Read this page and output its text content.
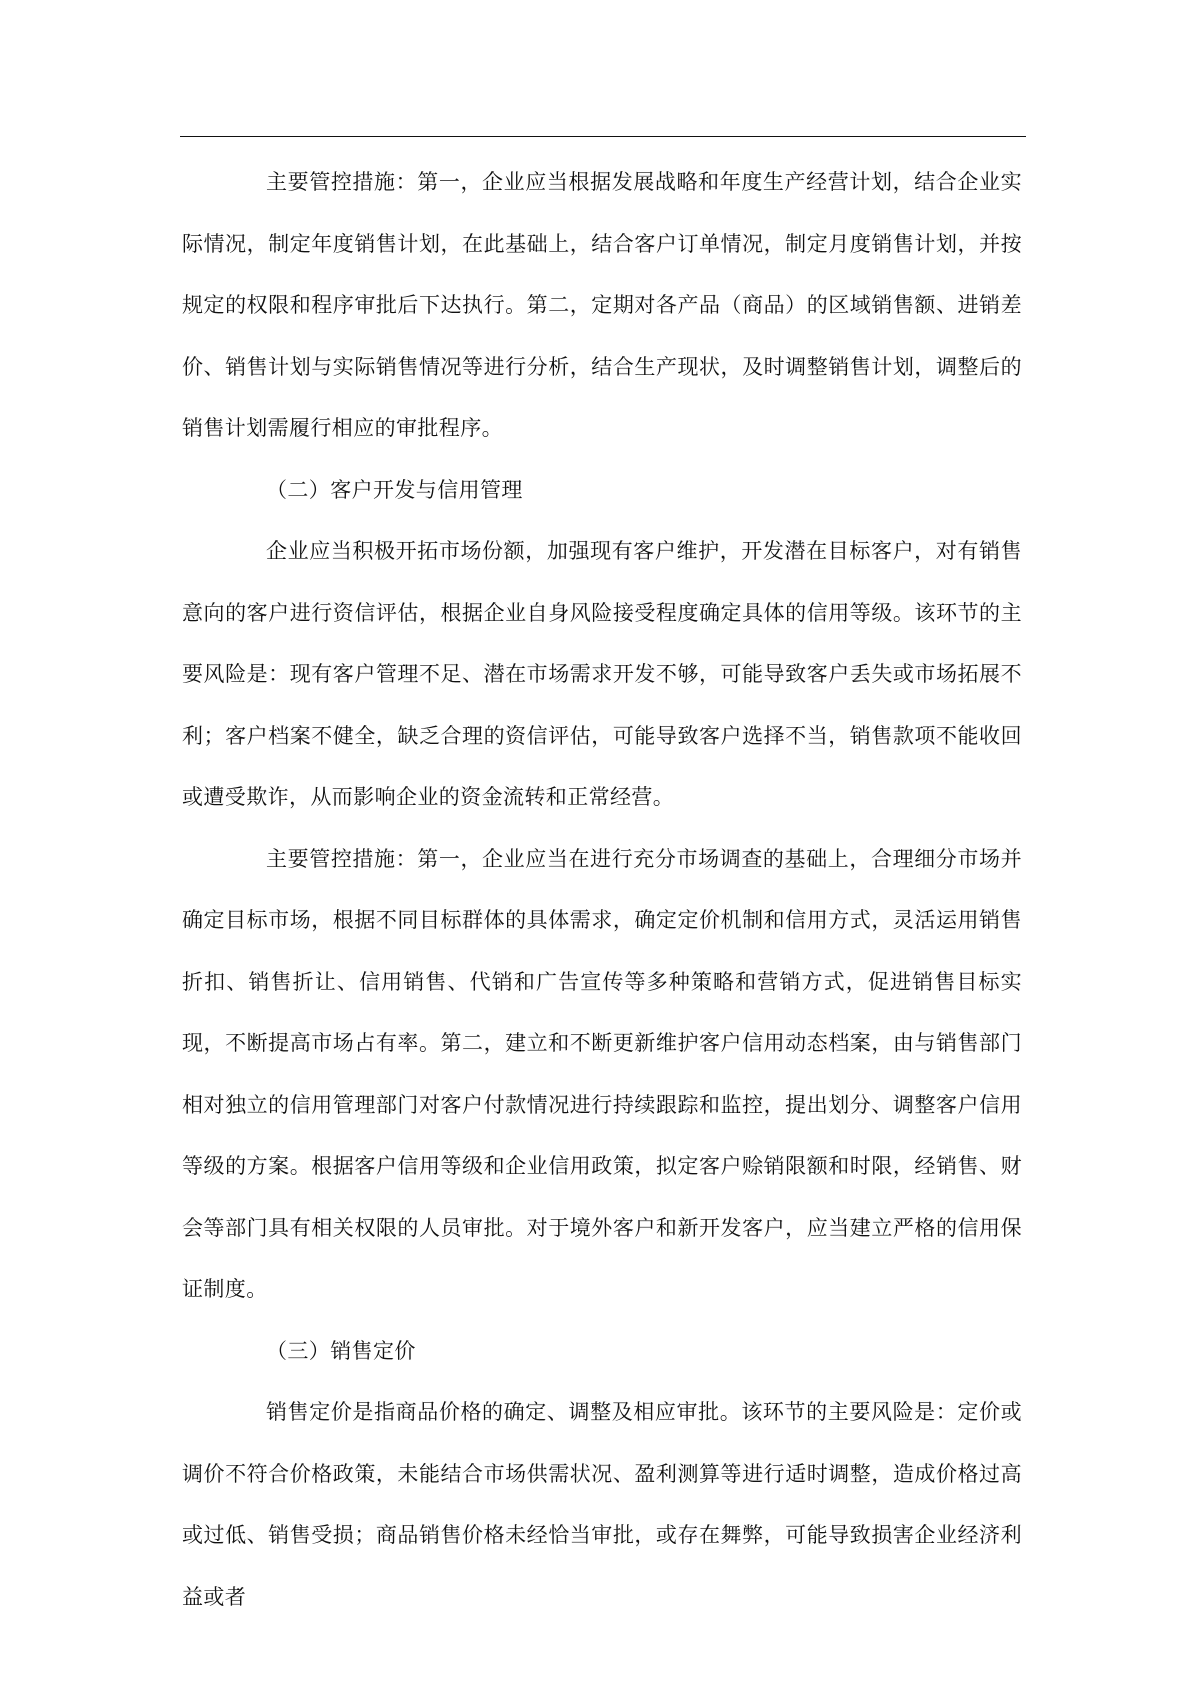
主要管控措施：第一，企业应当根据发展战略和年度生产经营计划，结合企业实际情况，制定年度销售计划，在此基础上，结合客户订单情况，制定月度销售计划，并按规定的权限和程序审批后下达执行。第二，定期对各产品（商品）的区域销售额、进销差价、销售计划与实际销售情况等进行分析，结合生产现状，及时调整销售计划，调整后的销售计划需履行相应的审批程序。

（二）客户开发与信用管理

企业应当积极开拓市场份额，加强现有客户维护，开发潜在目标客户，对有销售意向的客户进行资信评估，根据企业自身风险接受程度确定具体的信用等级。该环节的主要风险是：现有客户管理不足、潜在市场需求开发不够，可能导致客户丢失或市场拓展不利；客户档案不健全，缺乏合理的资信评估，可能导致客户选择不当，销售款项不能收回或遭受欺诈，从而影响企业的资金流转和正常经营。

主要管控措施：第一，企业应当在进行充分市场调查的基础上，合理细分市场并确定目标市场，根据不同目标群体的具体需求，确定定价机制和信用方式，灵活运用销售折扣、销售折让、信用销售、代销和广告宣传等多种策略和营销方式，促进销售目标实现，不断提高市场占有率。第二，建立和不断更新维护客户信用动态档案，由与销售部门相对独立的信用管理部门对客户付款情况进行持续跟踪和监控，提出划分、调整客户信用等级的方案。根据客户信用等级和企业信用政策，拟定客户赊销限额和时限，经销售、财会等部门具有相关权限的人员审批。对于境外客户和新开发客户，应当建立严格的信用保证制度。

（三）销售定价

销售定价是指商品价格的确定、调整及相应审批。该环节的主要风险是：定价或调价不符合价格政策，未能结合市场供需状况、盈利测算等进行适时调整，造成价格过高或过低、销售受损；商品销售价格未经恰当审批，或存在舞弊，可能导致损害企业经济利益或者
